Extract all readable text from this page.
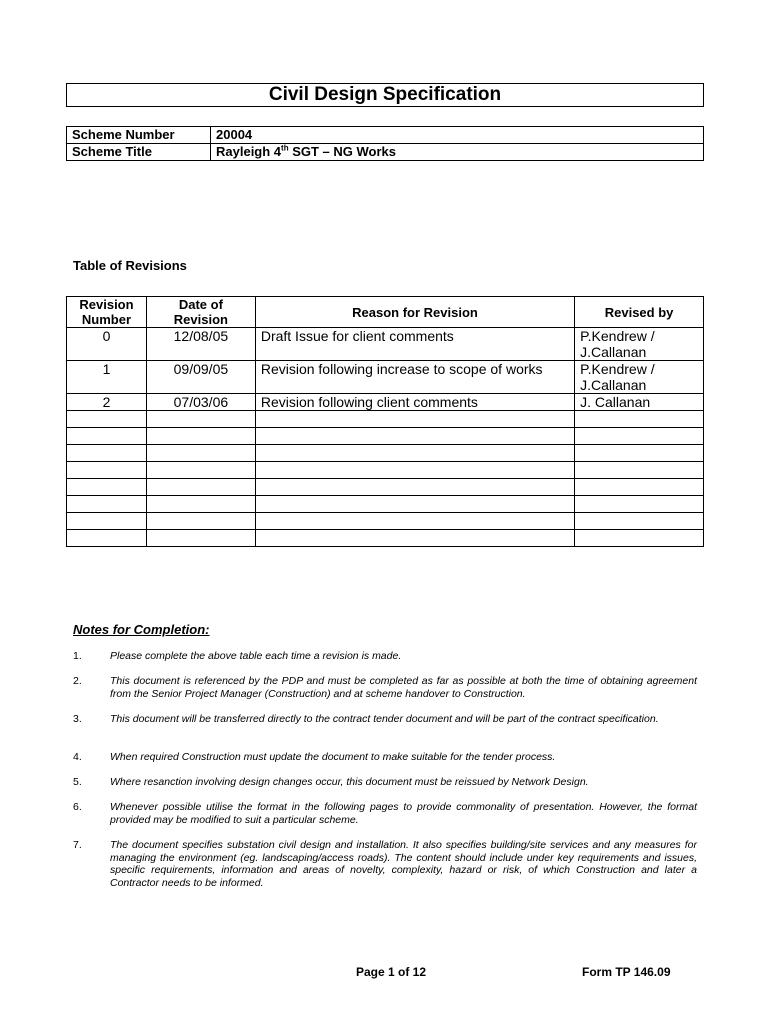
Civil Design Specification
Scheme Number	20004
Scheme Title	Rayleigh 4th SGT – NG Works
Table of Revisions
Revision Number	Date of Revision	Reason for Revision	Revised by
0	12/08/05	Draft Issue for client comments	P.Kendrew / J.Callanan
1	09/09/05	Revision following increase to scope of works	P.Kendrew / J.Callanan
2	07/03/06	Revision following client comments	J. Callanan

Notes for Completion:
1.	Please complete the above table each time a revision is made.
2.	This document is referenced by the PDP and must be completed as far as possible at both the time of obtaining agreement from the Senior Project Manager (Construction) and at scheme handover to Construction.
3.	This document will be transferred directly to the contract tender document and will be part of the contract specification.
4.	When required Construction must update the document to make suitable for the tender process.
5.	Where resanction involving design changes occur, this document must be reissued by Network Design.
6.	Whenever possible utilise the format in the following pages to provide commonality of presentation. However, the format provided may be modified to suit a particular scheme.
7.	The document specifies substation civil design and installation. It also specifies building/site services and any measures for managing the environment (eg. landscaping/access roads). The content should include under key requirements and issues, specific requirements, information and areas of novelty, complexity, hazard or risk, of which Construction and later a Contractor needs to be informed.
Page 1 of 12	Form TP 146.09
